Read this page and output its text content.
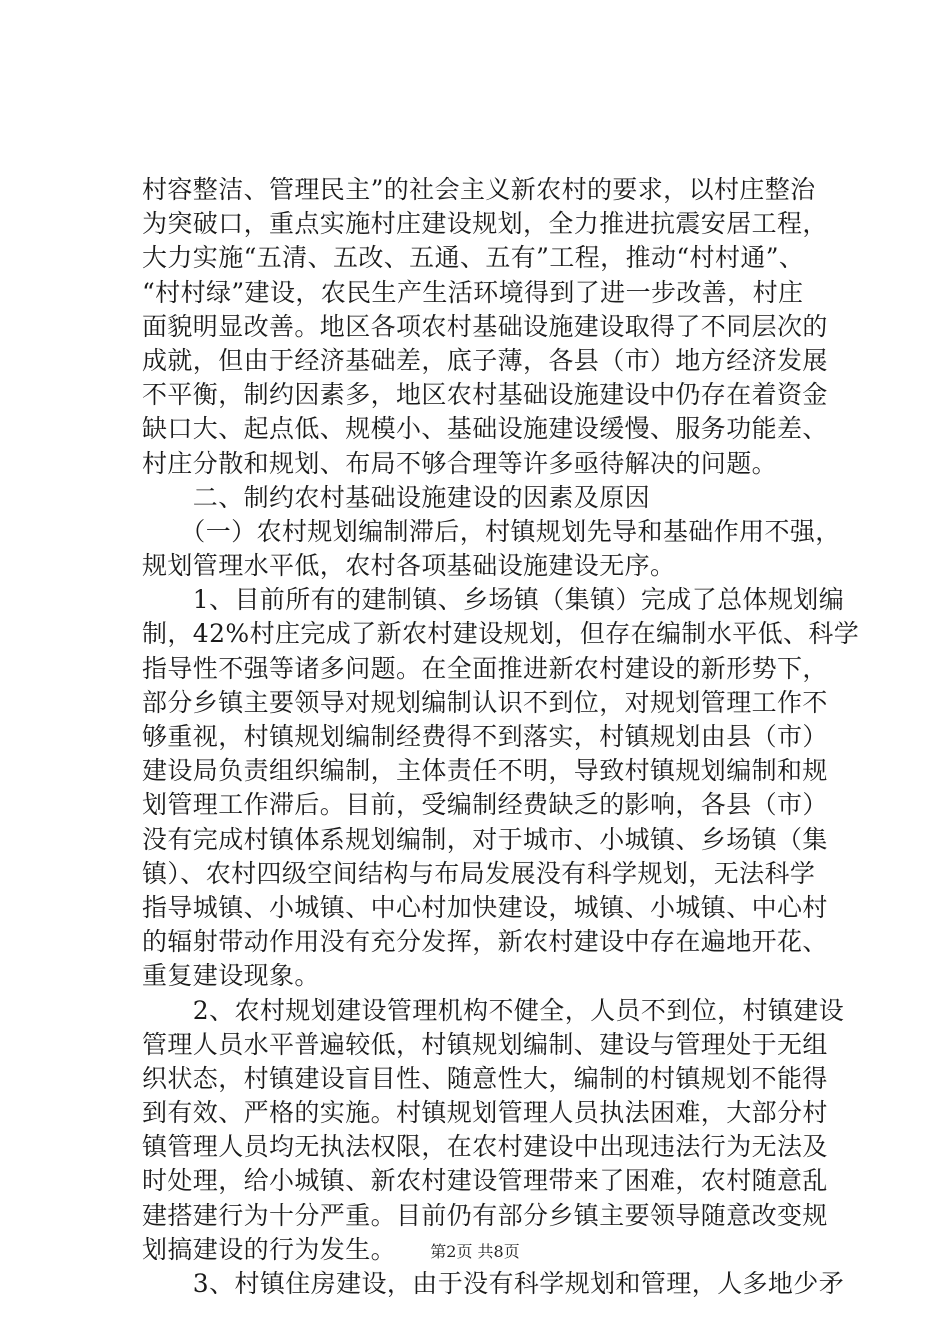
村容整洁、管理民主”的社会主义新农村的要求，以村庄整治
为突破口，重点实施村庄建设规划，全力推进抗震安居工程，
大力实施“五清、五改、五通、五有”工程，推动“村村通”、
“村村绿”建设，农民生产生活环境得到了进一步改善，村庄
面貌明显改善。地区各项农村基础设施建设取得了不同层次的
成就，但由于经济基础差，底子薄，各县（市）地方经济发展
不平衡，制约因素多，地区农村基础设施建设中仍存在着资金
缺口大、起点低、规模小、基础设施建设缓慢、服务功能差、
村庄分散和规划、布局不够合理等许多亟待解决的问题。
　　二、制约农村基础设施建设的因素及原因
　　（一）农村规划编制滞后，村镇规划先导和基础作用不强，
规划管理水平低，农村各项基础设施建设无序。
　　1、目前所有的建制镇、乡场镇（集镇）完成了总体规划编
制，42%村庄完成了新农村建设规划，但存在编制水平低、科学
指导性不强等诸多问题。在全面推进新农村建设的新形势下，
部分乡镇主要领导对规划编制认识不到位，对规划管理工作不
够重视，村镇规划编制经费得不到落实，村镇规划由县（市）
建设局负责组织编制，主体责任不明，导致村镇规划编制和规
划管理工作滞后。目前，受编制经费缺乏的影响，各县（市）
没有完成村镇体系规划编制，对于城市、小城镇、乡场镇（集
镇）、农村四级空间结构与布局发展没有科学规划，无法科学
指导城镇、小城镇、中心村加快建设，城镇、小城镇、中心村
的辐射带动作用没有充分发挥，新农村建设中存在遍地开花、
重复建设现象。
　　2、农村规划建设管理机构不健全，人员不到位，村镇建设
管理人员水平普遍较低，村镇规划编制、建设与管理处于无组
织状态，村镇建设盲目性、随意性大，编制的村镇规划不能得
到有效、严格的实施。村镇规划管理人员执法困难，大部分村
镇管理人员均无执法权限，在农村建设中出现违法行为无法及
时处理，给小城镇、新农村建设管理带来了困难，农村随意乱
建搭建行为十分严重。目前仍有部分乡镇主要领导随意改变规
划搞建设的行为发生。
　　3、村镇住房建设，由于没有科学规划和管理，人多地少矛
第2页 共8页
